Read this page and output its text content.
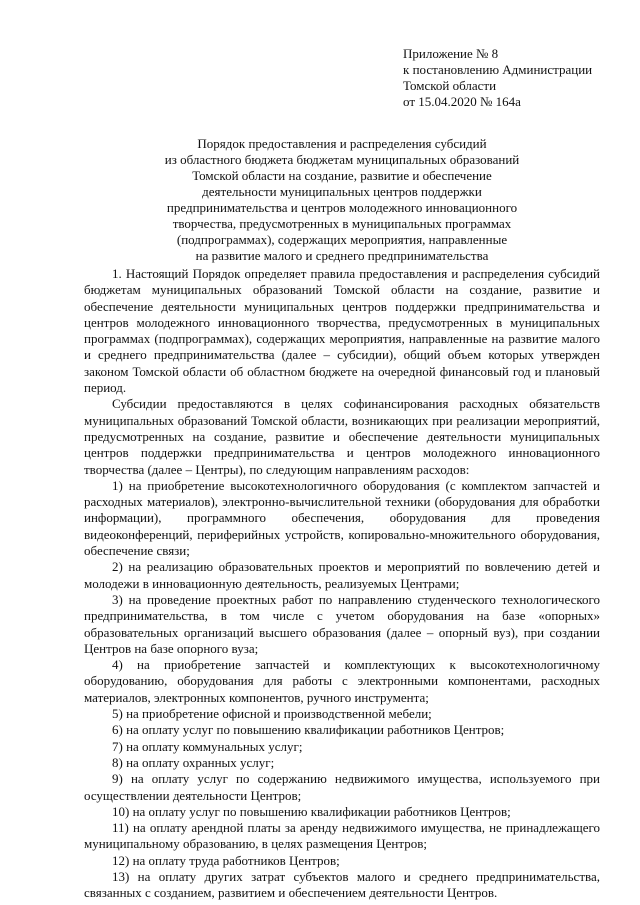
Приложение № 8
к постановлению Администрации
Томской области
от 15.04.2020 № 164а
Порядок предоставления и распределения субсидий
из областного бюджета бюджетам муниципальных образований
Томской области на создание, развитие и обеспечение
деятельности муниципальных центров поддержки
предпринимательства и центров молодежного инновационного
творчества, предусмотренных в муниципальных программах
(подпрограммах), содержащих мероприятия, направленные
на развитие малого и среднего предпринимательства

1. Настоящий Порядок определяет правила предоставления и распределения субсидий бюджетам муниципальных образований Томской области на создание, развитие и обеспечение деятельности муниципальных центров поддержки предпринимательства и центров молодежного инновационного творчества, предусмотренных в муниципальных программах (подпрограммах), содержащих мероприятия, направленные на развитие малого и среднего предпринимательства (далее – субсидии), общий объем которых утвержден законом Томской области об областном бюджете на очередной финансовый год и плановый период.

Субсидии предоставляются в целях софинансирования расходных обязательств муниципальных образований Томской области, возникающих при реализации мероприятий, предусмотренных на создание, развитие и обеспечение деятельности муниципальных центров поддержки предпринимательства и центров молодежного инновационного творчества (далее – Центры), по следующим направлениям расходов:

1) на приобретение высокотехнологичного оборудования (с комплектом запчастей и расходных материалов), электронно-вычислительной техники (оборудования для обработки информации), программного обеспечения, оборудования для проведения видеоконференций, периферийных устройств, копировально-множительного оборудования, обеспечение связи;

2) на реализацию образовательных проектов и мероприятий по вовлечению детей и молодежи в инновационную деятельность, реализуемых Центрами;

3) на проведение проектных работ по направлению студенческого технологического предпринимательства, в том числе с учетом оборудования на базе «опорных» образовательных организаций высшего образования (далее – опорный вуз), при создании Центров на базе опорного вуза;

4) на приобретение запчастей и комплектующих к высокотехнологичному оборудованию, оборудования для работы с электронными компонентами, расходных материалов, электронных компонентов, ручного инструмента;

5) на приобретение офисной и производственной мебели;

6) на оплату услуг по повышению квалификации работников Центров;

7) на оплату коммунальных услуг;

8) на оплату охранных услуг;

9) на оплату услуг по содержанию недвижимого имущества, используемого при осуществлении деятельности Центров;

10) на оплату услуг по повышению квалификации работников Центров;

11) на оплату арендной платы за аренду недвижимого имущества, не принадлежащего муниципальному образованию, в целях размещения Центров;

12) на оплату труда работников Центров;

13) на оплату других затрат субъектов малого и среднего предпринимательства, связанных с созданием, развитием и обеспечением деятельности Центров.
